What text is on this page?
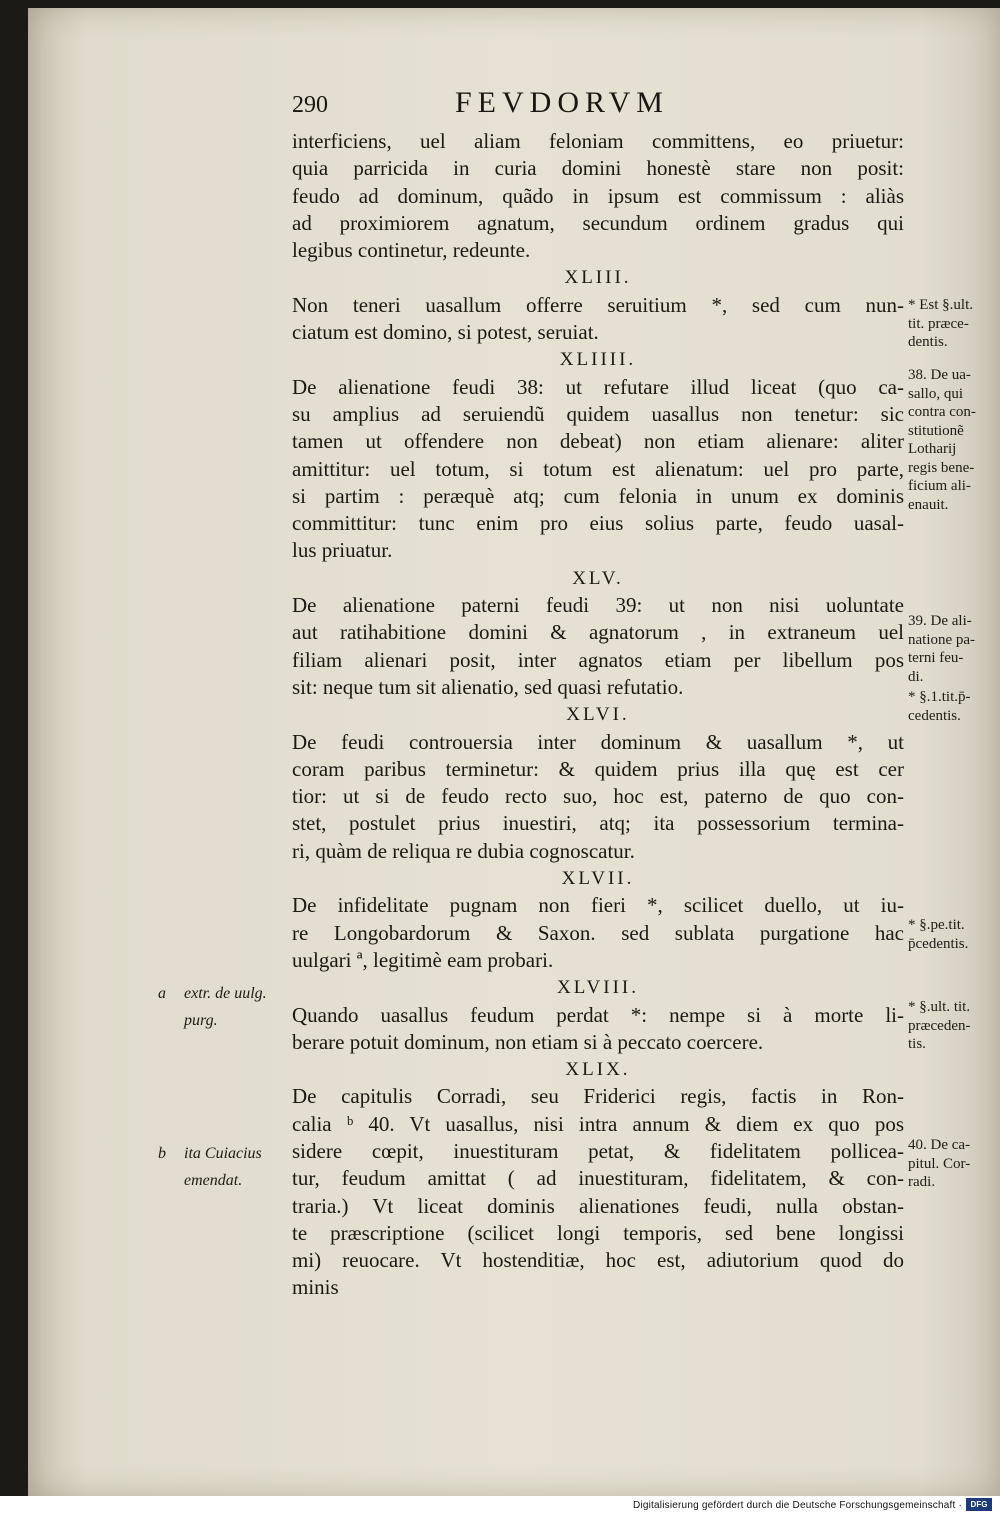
290	FEVDORVM
interficiens, uel aliam feloniam committens, eo priuetur:
quia parricida in curia domini honestè stare non posit:
feudo ad dominum, quãdo in ipsum est commissum : aliàs
ad proximiorem agnatum, secundum ordinem gradus qui
legibus continetur, redeunte.
XLIII.
Non teneri uasallum offerre seruitium *, sed cum nun-
ciatum est domino, si potest, seruiat.
XLIIII.
De alienatione feudi 38: ut refutare illud liceat (quo ca-
su amplius ad seruiendũ quidem uasallus non tenetur: sic
tamen ut offendere non debeat) non etiam alienare: aliter
amittitur: uel totum, si totum est alienatum: uel pro parte,
si partim : peræquè atq; cum felonia in unum ex dominis
committitur: tunc enim pro eius solius parte, feudo uasal-
lus priuatur.
XLV.
De alienatione paterni feudi 39: ut non nisi uoluntate
aut ratihabitione domini & agnatorum , in extraneum uel
filiam alienari posit, inter agnatos etiam per libellum pos
sit: neque tum sit alienatio, sed quasi refutatio.
XLVI.
De feudi controuersia inter dominum & uasallum *, ut
coram paribus terminetur: & quidem prius illa quę est cer
tior: ut si de feudo recto suo, hoc est, paterno de quo con-
stet, postulet prius inuestiri, atq; ita possessorium termina-
ri, quàm de reliqua re dubia cognoscatur.
XLVII.
De infidelitate pugnam non fieri *, scilicet duello, ut iu-
re Longobardorum & Saxon. sed sublata purgatione hac
uulgari ª, legitimè eam probari.
XLVIII.
Quando uasallus feudum perdat *: nempe si à morte li-
berare potuit dominum, non etiam si à peccato coercere.
XLIX.
De capitulis Corradi, seu Friderici regis, factis in Ron-
calia ᵇ 40. Vt uasallus, nisi intra annum & diem ex quo pos
sidere cœpit, inuestituram petat, & fidelitatem pollicea-
tur, feudum amittat ( ad inuestituram, fidelitatem, & con-
traria.) Vt liceat dominis alienationes feudi, nulla obstan-
te præscriptione (scilicet longi temporis, sed bene longissi
mi) reuocare. Vt hostenditiæ, hoc est, adiutorium quod do
minis
* Est §.ult.
tit. præce-
dentis.
38. De ua-
sallo, qui
contra con-
stitutionẽ
Lotharij
regis bene-
ficium ali-
enauit.
39. De ali-
natione pa-
terni feu-
di.
* §.1.tit.p̄-
cedentis.
* §.pe.tit.
p̄cedentis.
* §.ult. tit.
præceden-
tis.
40. De ca-
pitul. Cor-
radi.
a extr. de uulg.
purg.
b ita Cuiacius
emendat.
Digitalisierung gefördert durch die Deutsche Forschungsgemeinschaft ·	DFG
